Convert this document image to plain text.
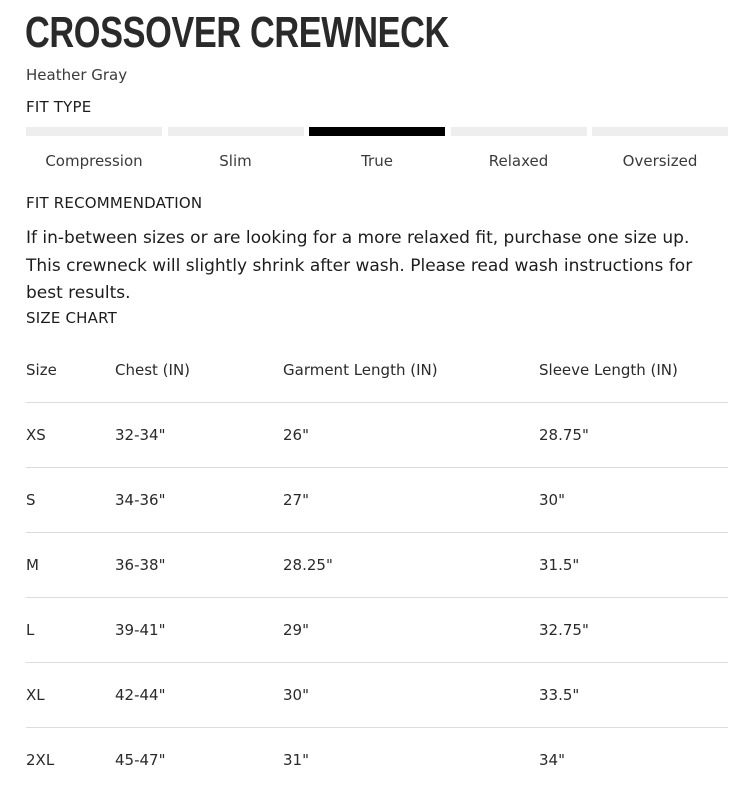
CROSSOVER CREWNECK
Heather Gray
FIT TYPE
Compression	Slim	True	Relaxed	Oversized
FIT RECOMMENDATION

If in-between sizes or are looking for a more relaxed fit, purchase one size up. This crewneck will slightly shrink after wash. Please read wash instructions for best results.

SIZE CHART
Size	Chest (IN)	Garment Length (IN)	Sleeve Length (IN)
XS	32-34"	26"	28.75"
S	34-36"	27"	30"
M	36-38"	28.25"	31.5"
L	39-41"	29"	32.75"
XL	42-44"	30"	33.5"
2XL	45-47"	31"	34"
